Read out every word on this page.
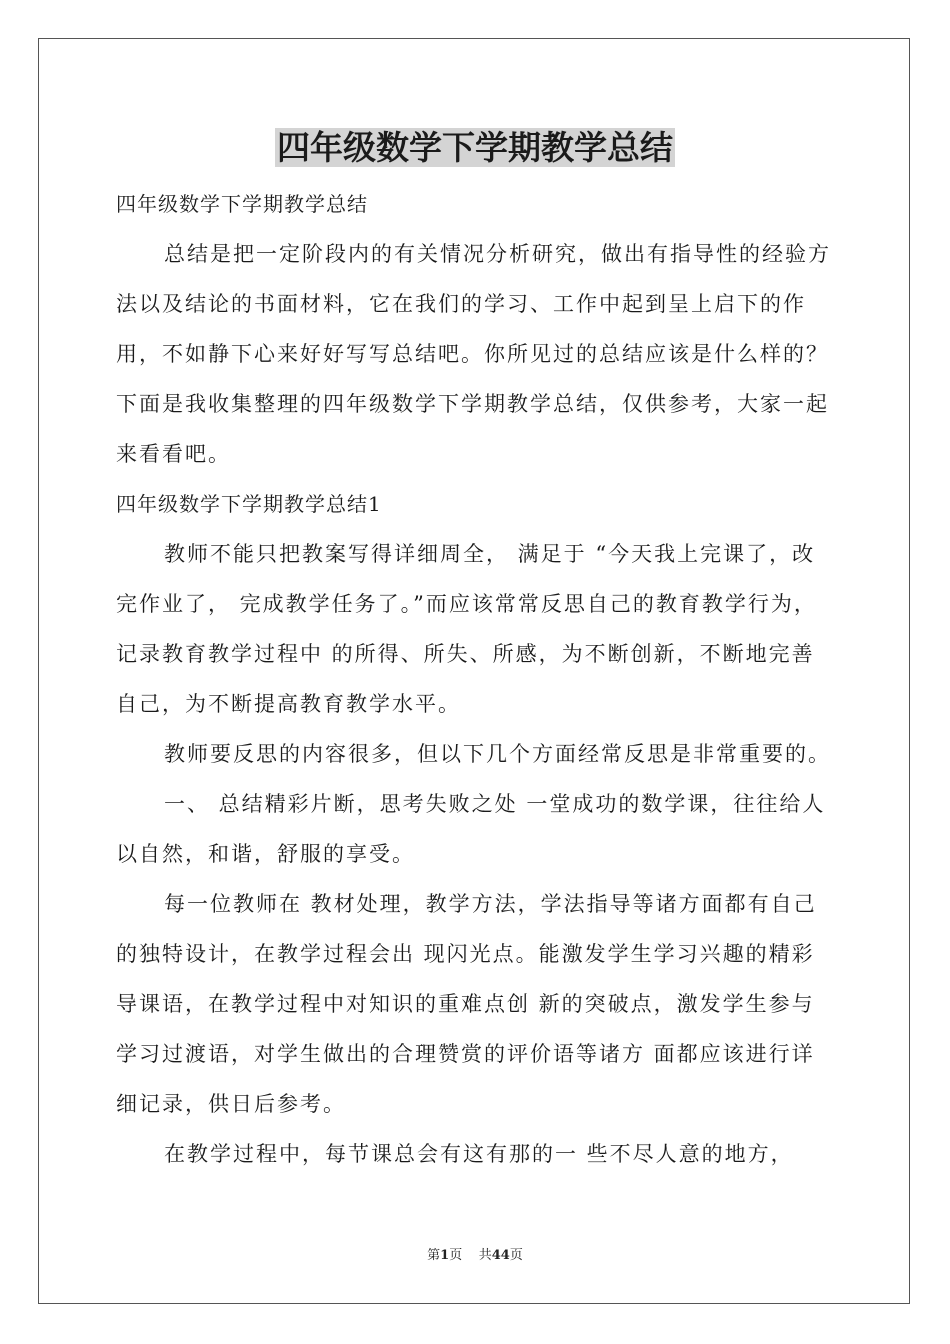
四年级数学下学期教学总结

四年级数学下学期教学总结

总结是把一定阶段内的有关情况分析研究，做出有指导性的经验方法以及结论的书面材料，它在我们的学习、工作中起到呈上启下的作用，不如静下心来好好写写总结吧。你所见过的总结应该是什么样的？下面是我收集整理的四年级数学下学期教学总结，仅供参考，大家一起来看看吧。

四年级数学下学期教学总结1

教师不能只把教案写得详细周全， 满足于 “今天我上完课了，改完作业了， 完成教学任务了。”而应该常常反思自己的教育教学行为，记录教育教学过程中 的所得、所失、所感，为不断创新，不断地完善自己，为不断提高教育教学水平。

教师要反思的内容很多，但以下几个方面经常反思是非常重要的。

一、 总结精彩片断，思考失败之处 一堂成功的数学课，往往给人以自然，和谐，舒服的享受。

每一位教师在 教材处理，教学方法，学法指导等诸方面都有自己的独特设计，在教学过程会出 现闪光点。能激发学生学习兴趣的精彩导课语，在教学过程中对知识的重难点创 新的突破点，激发学生参与学习过渡语，对学生做出的合理赞赏的评价语等诸方 面都应该进行详细记录，供日后参考。

在教学过程中，每节课总会有这有那的一 些不尽人意的地方，

第1页 共44页
